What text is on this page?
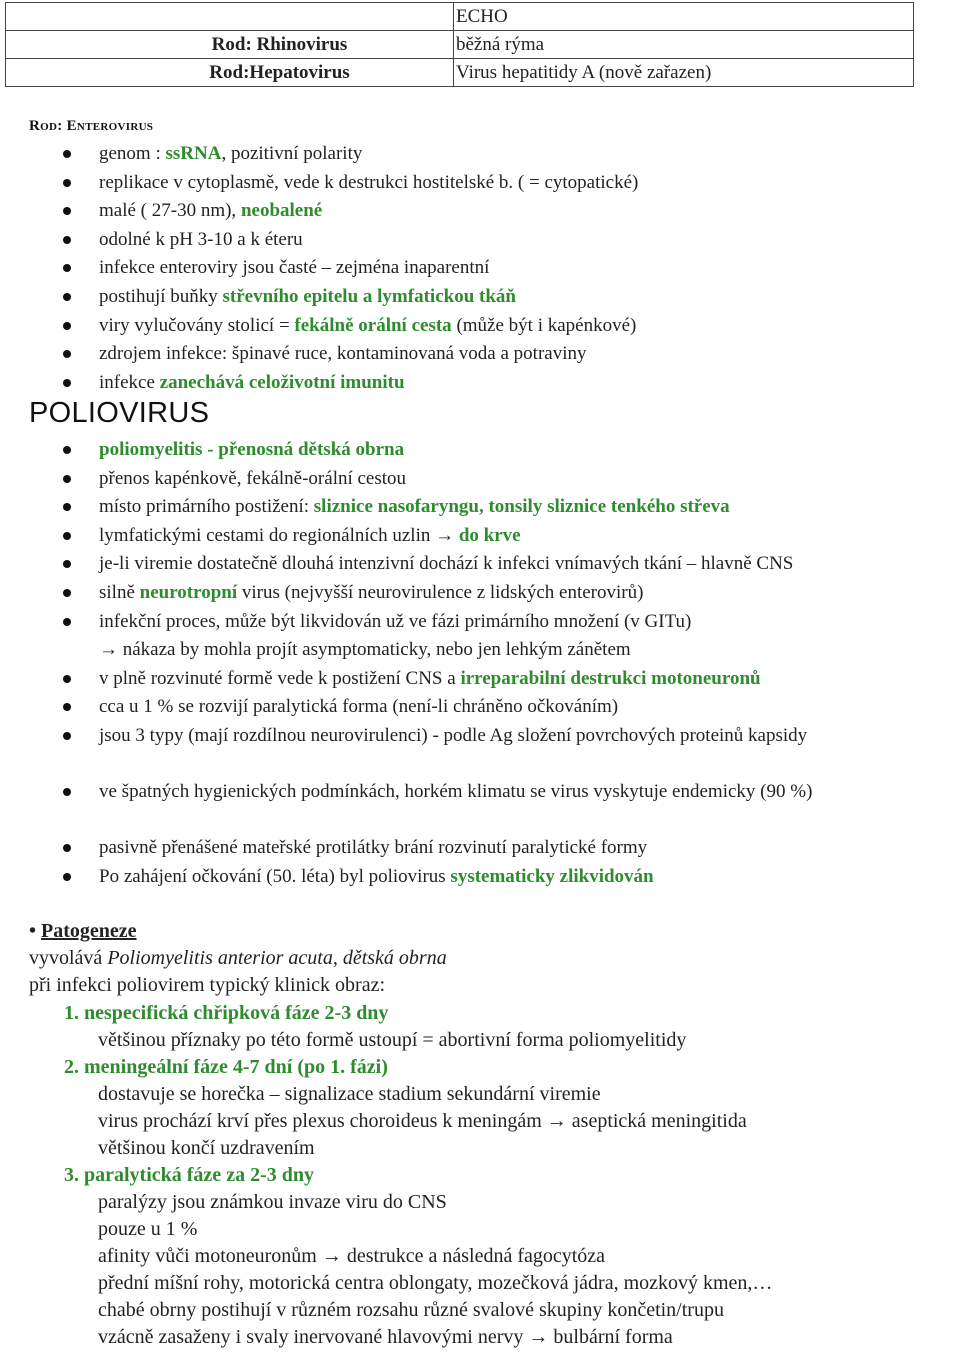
	ECHO
Rod: Rhinovirus	běžná rýma
Rod:Hepatovirus	Virus hepatitidy A (nově zařazen)
Rod: Enterovirus
genom : ssRNA, pozitivní polarity
replikace v cytoplasmě, vede k destrukci hostitelské b. ( = cytopatické)
malé ( 27-30 nm), neobalené
odolné k pH 3-10 a k éteru
infekce enteroviry jsou časté – zejména inaparentní
postihují buňky střevního epitelu a lymfatickou tkáň
viry vylučovány stolicí = fekálně orální cesta (může být i kapénkové)
zdrojem infekce: špinavé ruce, kontaminovaná voda a potraviny
infekce zanechává celoživotní imunitu
POLIOVIRUS
poliomyelitis - přenosná dětská obrna
přenos kapénkově, fekálně-orální cestou
místo primárního postižení: sliznice nasofaryngu, tonsily sliznice tenkého střeva
lymfatickými cestami do regionálních uzlin → do krve
je-li viremie dostatečně dlouhá intenzivní dochází k infekci vnímavých tkání – hlavně CNS
silně neurotropní virus (nejvyšší neurovirulence z lidských enterovirů)
infekční proces, může být likvidován už ve fázi primárního množení (v GITu)
→ nákaza by mohla projít asymptomaticky, nebo jen lehkým zánětem
v plně rozvinuté formě vede k postižení CNS a irreparabilní destrukci motoneuronů
cca u 1 % se rozvijí paralytická forma (není-li chráněno očkováním)
jsou 3 typy (mají rozdílnou neurovirulenci) - podle Ag složení povrchových proteinů kapsidy
ve špatných hygienických podmínkách, horkém klimatu se virus vyskytuje endemicky (90 %)
pasivně přenášené mateřské protilátky brání rozvinutí paralytické formy
Po zahájení očkování (50. léta) byl poliovirus systematicky zlikvidován
• Patogeneze
vyvolává Poliomyelitis anterior acuta, dětská obrna
při infekci poliovirem typický klinick obraz:
1. nespecifická chřipková fáze 2-3 dny
většinou příznaky po této formě ustoupí = abortivní forma poliomyelitidy
2. meningeální fáze 4-7 dní (po 1. fázi)
dostavuje se horečka – signalizace stadium sekundární viremie
virus prochází krví přes plexus choroideus k meningám → aseptická meningitida
většinou končí uzdravením
3. paralytická fáze za 2-3 dny
paralýzy jsou známkou invaze viru do CNS
pouze u 1 %
afinity vůči motoneuronům → destrukce a následná fagocytóza
přední míšní rohy, motorická centra oblongaty, mozečková jádra, mozkový kmen,…
chabé obrny postihují v různém rozsahu různé svalové skupiny končetin/trupu
vzácně zasaženy i svaly inervované hlavovými nervy → bulbární forma
